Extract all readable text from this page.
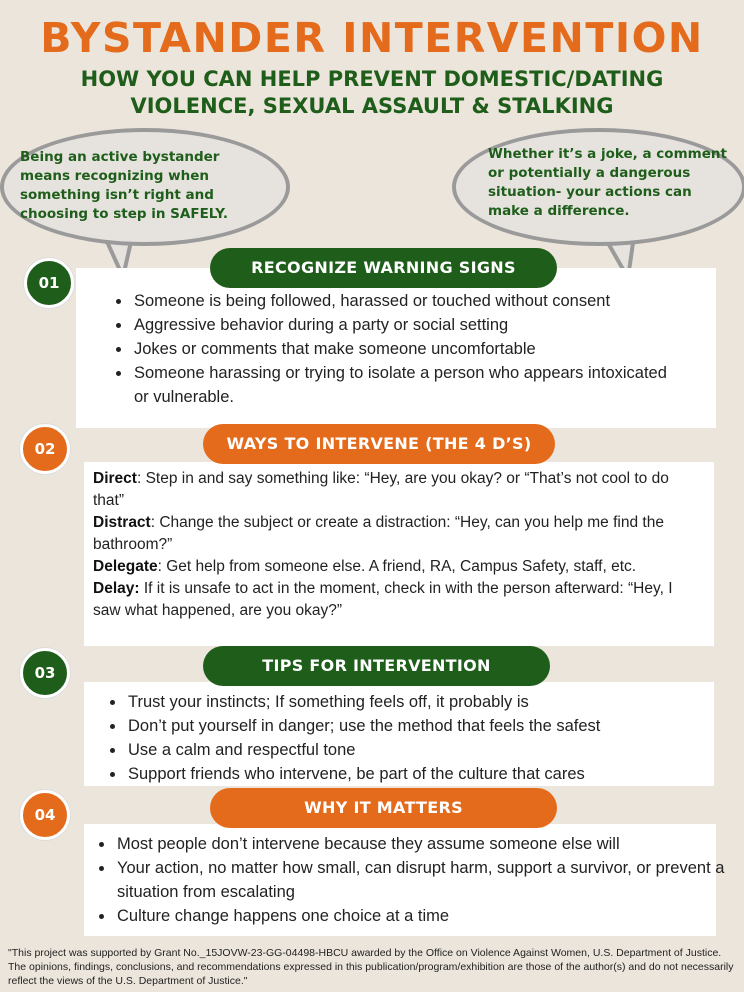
BYSTANDER INTERVENTION
HOW YOU CAN HELP PREVENT DOMESTIC/DATING VIOLENCE, SEXUAL ASSAULT & STALKING
Being an active bystander means recognizing when something isn’t right and choosing to step in SAFELY.
Whether it’s a joke, a comment or potentially a dangerous situation- your actions can make a difference.
01
RECOGNIZE WARNING SIGNS
• Someone is being followed, harassed or touched without consent
• Aggressive behavior during a party or social setting
• Jokes or comments that make someone uncomfortable
• Someone harassing or trying to isolate a person who appears intoxicated or vulnerable.
02	WAYS TO INTERVENE (THE 4 D’S)

Direct: Step in and say something like: “Hey, are you okay? or “That’s not cool to do that”

Distract: Change the subject or create a distraction: “Hey, can you help me find the bathroom?”

Delegate: Get help from someone else. A friend, RA, Campus Safety, staff, etc.

Delay: If it is unsafe to act in the moment, check in with the person afterward: “Hey, I saw what happened, are you okay?”

03	TIPS FOR INTERVENTION
• Trust your instincts; If something feels off, it probably is
• Don’t put yourself in danger; use the method that feels the safest
• Use a calm and respectful tone
• Support friends who intervene, be part of the culture that cares
04	WHY IT MATTERS
• Most people don’t intervene because they assume someone else will
• Your action, no matter how small, can disrupt harm, support a survivor, or prevent a situation from escalating
• Culture change happens one choice at a time
"This project was supported by Grant No._15JOVW-23-GG-04498-HBCU awarded by the Office on Violence Against Women, U.S. Department of Justice. The opinions, findings, conclusions, and recommendations expressed in this publication/program/exhibition are those of the author(s) and do not necessarily reflect the views of the U.S. Department of Justice."
